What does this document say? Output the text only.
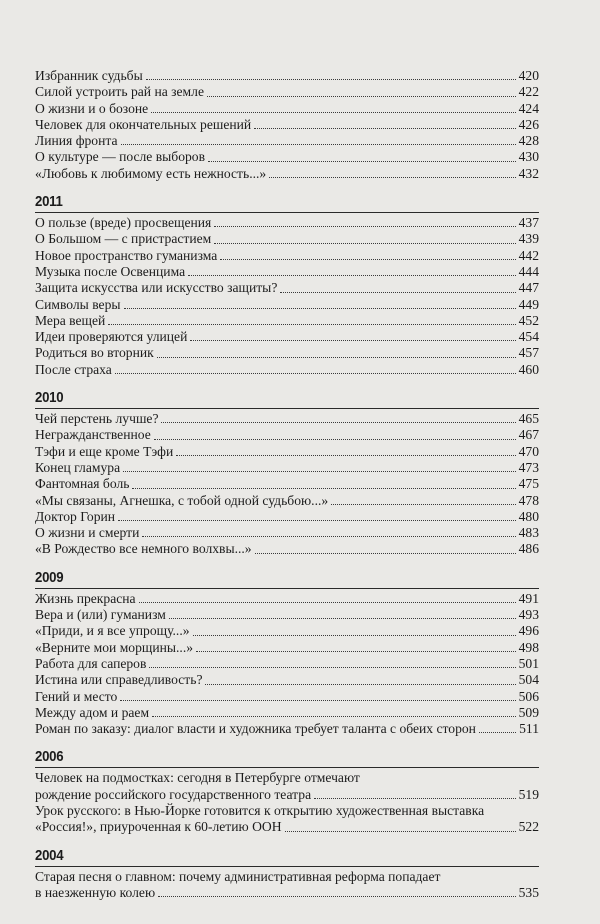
Избранник судьбы	420
Силой устроить рай на земле	422
О жизни и о бозоне	424
Человек для окончательных решений	426
Линия фронта	428
О культуре — после выборов	430
«Любовь к любимому есть нежность...»	432
2011
О пользе (вреде) просвещения	437
О Большом — с пристрастием	439
Новое пространство гуманизма	442
Музыка после Освенцима	444
Защита искусства или искусство защиты?	447
Символы веры	449
Мера вещей	452
Идеи проверяются улицей	454
Родиться во вторник	457
После страха	460
2010
Чей перстень лучше?	465
Негражданственное	467
Тэфи и еще кроме Тэфи	470
Конец гламура	473
Фантомная боль	475
«Мы связаны, Агнешка, с тобой одной судьбою...»	478
Доктор Горин	480
О жизни и смерти	483
«В Рождество все немного волхвы...»	486
2009
Жизнь прекрасна	491
Вера и (или) гуманизм	493
«Приди, и я все упрощу...»	496
«Верните мои морщины...»	498
Работа для саперов	501
Истина или справедливость?	504
Гений и место	506
Между адом и раем	509
Роман по заказу: диалог власти и художника требует таланта с обеих сторон	511
2006
Человек на подмостках: сегодня в Петербурге отмечают
рождение российского государственного театра	519
Урок русского: в Нью-Йорке готовится к открытию художественная выставка
«Россия!», приуроченная к 60-летию ООН	522
2004
Старая песня о главном: почему административная реформа попадает
в наезженную колею	535
